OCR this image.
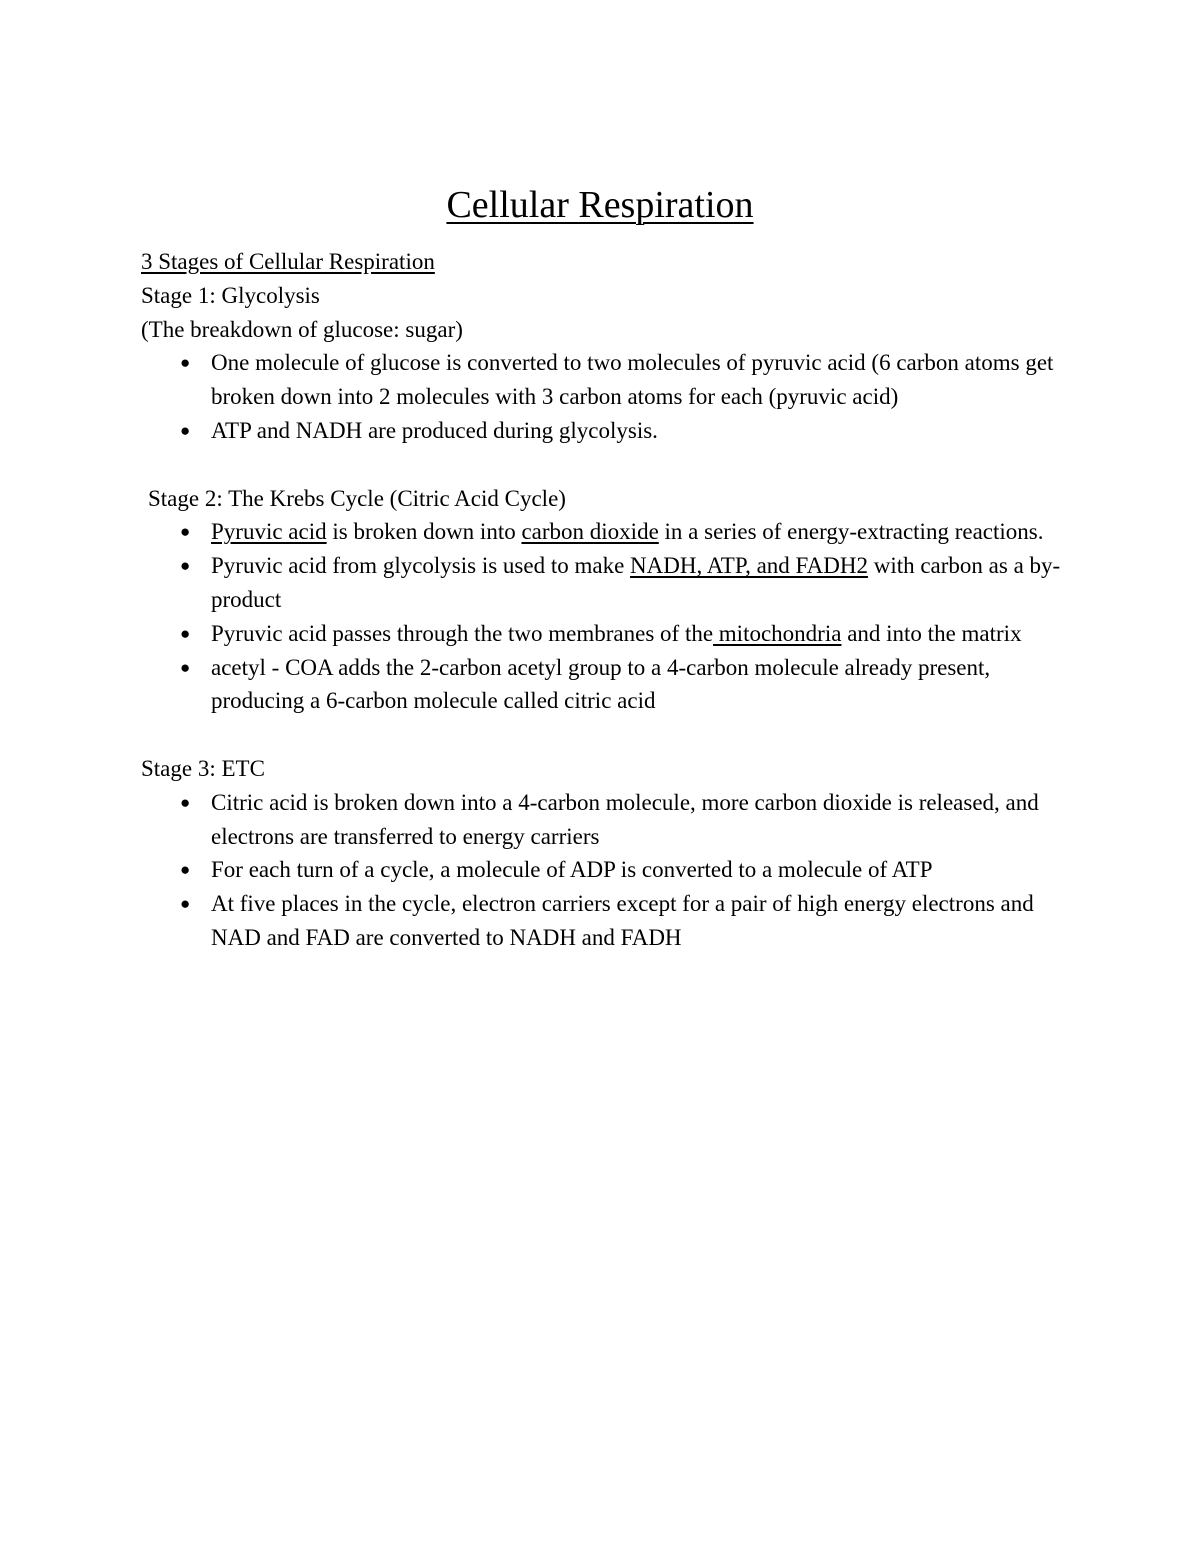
Cellular Respiration
3 Stages of Cellular Respiration
Stage 1: Glycolysis
(The breakdown of glucose: sugar)
● One molecule of glucose is converted to two molecules of pyruvic acid (6 carbon atoms get broken down into 2 molecules with 3 carbon atoms for each (pyruvic acid)
● ATP and NADH are produced during glycolysis.
Stage 2: The Krebs Cycle (Citric Acid Cycle)
● Pyruvic acid is broken down into carbon dioxide in a series of energy-extracting reactions.
● Pyruvic acid from glycolysis is used to make NADH, ATP, and FADH2 with carbon as a by-product
● Pyruvic acid passes through the two membranes of the mitochondria and into the matrix
● acetyl - COA adds the 2-carbon acetyl group to a 4-carbon molecule already present, producing a 6-carbon molecule called citric acid
Stage 3: ETC
● Citric acid is broken down into a 4-carbon molecule, more carbon dioxide is released, and electrons are transferred to energy carriers
● For each turn of a cycle, a molecule of ADP is converted to a molecule of ATP
● At five places in the cycle, electron carriers except for a pair of high energy electrons and NAD and FAD are converted to NADH and FADH
